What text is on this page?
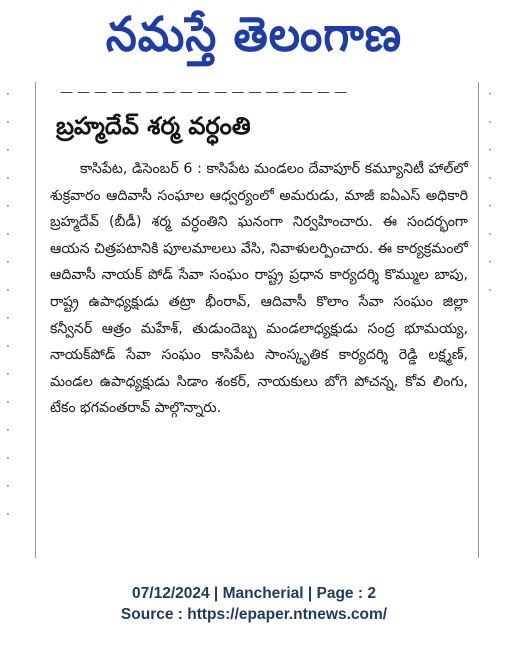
నమస్తే తెలంగాణ
ᐧ
ᐧ
ᐧ
ᐧ
ᐧ
ᐧ
ᐧ
ᐧ
ᐧ
ᐧ
ᐧ
ᐧ
ᐧ
ᐧ
ᐧ
ᐧ
ᐧ
ᐧ
ᐧ
ᐧ
ᐧ
ᐧ
ᐧ
ᐧ
— — — — — — — — — — — — — — — — —
బ్రహ్మదేవ్ శర్మ వర్ధంతి

కాసిపేట, డిసెంబర్ 6 : కాసిపేట మండలం దేవాపూర్ కమ్యూనిటీ హాల్‌లో శుక్రవారం ఆదివాసీ సంఘాల ఆధ్వర్యంలో అమరుడు, మాజీ ఐఏఎస్ అధికారి బ్రహ్మదేవ్ (బీడీ) శర్మ వర్ధంతిని ఘనంగా నిర్వహించారు. ఈ సందర్భంగా ఆయన చిత్రపటానికి పూలమాలలు వేసి, నివాళులర్పించారు. ఈ కార్యక్రమంలో ఆదివాసీ నాయక్ పోడ్ సేవా సంఘం రాష్ట్ర ప్రధాన కార్యదర్శి కొమ్ముల బాపు, రాష్ట్ర ఉపాధ్యక్షుడు తట్రా భీంరావ్, ఆదివాసీ కొలాం సేవా సంఘం జిల్లా కన్వీనర్ ఆత్రం మహేశ్, తుడుందెబ్బ మండలాధ్యక్షుడు సంద్ర భూమయ్య, నాయక్‌పోడ్ సేవా సంఘం కాసిపేట సాంస్కృతిక కార్యదర్శి రెడ్డి లక్ష్మణ్, మండల ఉపాధ్యక్షుడు సిడాం శంకర్, నాయకులు బోగె పోచన్న, కోవ లింగు, టేకం భగవంతరావ్ పాల్గొన్నారు.

07/12/2024 | Mancherial | Page : 2
Source : https://epaper.ntnews.com/
